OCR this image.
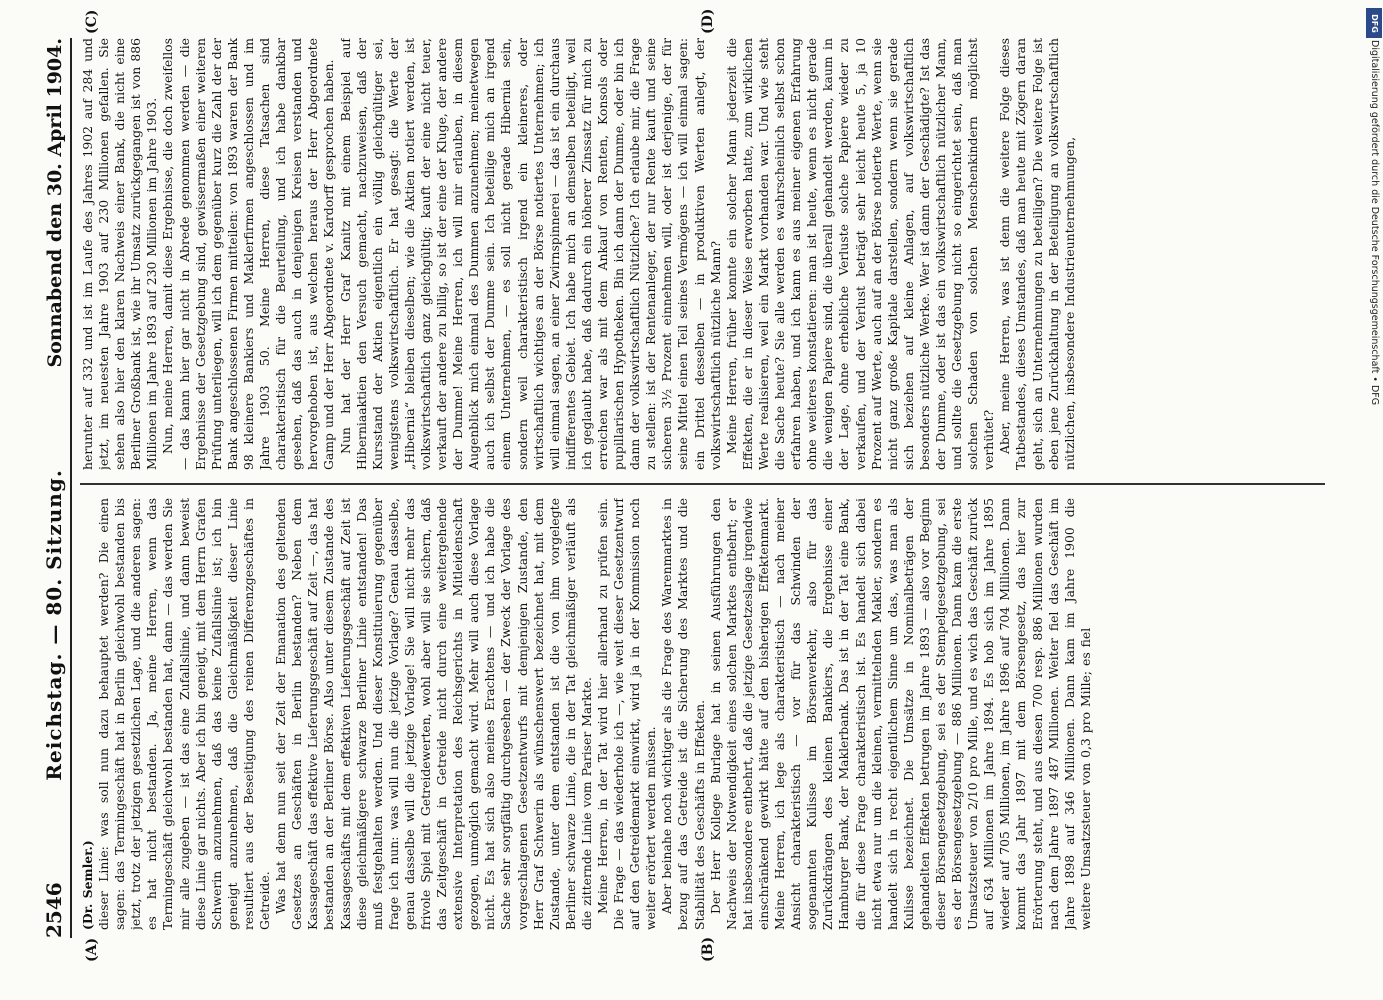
2546
Reichstag. — 80. Sitzung.
Sonnabend den 30. April 1904.
(A)	(B)
(C)	(D)

(Dr. Semler.) dieser Linie: was soll nun dazu behauptet werden? Die einen sagen: das Termingeschäft hat in Berlin gleichwohl bestanden bis jetzt, trotz der jetzigen gesetzlichen Lage, und die anderen sagen: es hat nicht bestanden. Ja, meine Herren, wenn das Termingeschäft gleichwohl bestanden hat, dann — das werden Sie mir alle zugeben — ist das eine Zufallslinie, und dann beweist diese Linie gar nichts. Aber ich bin geneigt, mit dem Herrn Grafen Schwerin anzunehmen, daß das keine Zufallslinie ist; ich bin geneigt anzunehmen, daß die Gleichmäßigkeit dieser Linie resultiert aus der Beseitigung des reinen Differenzgeschäftes in Getreide. Was hat denn nun seit der Zeit der Emanation des geltenden Gesetzes an Geschäften in Berlin bestanden? Neben dem Kassageschäft das effektive Lieferungsgeschäft auf Zeit —, das hat bestanden an der Berliner Börse. Also unter diesem Zustande des Kassageschäfts mit dem effektiven Lieferungsgeschäft auf Zeit ist diese gleichmäßigere schwarze Berliner Linie entstanden! Das muß festgehalten werden. Und dieser Konstituierung gegenüber frage ich nun: was will nun die jetzige Vorlage? Genau dasselbe, genau dasselbe will die jetzige Vorlage! Sie will nicht mehr das frivole Spiel mit Getreidewerten, wohl aber will sie sichern, daß das Zeitgeschäft in Getreide nicht durch eine weitergehende extensive Interpretation des Reichsgerichts in Mitleidenschaft gezogen, unmöglich gemacht wird. Mehr will auch diese Vorlage nicht. Es hat sich also meines Erachtens — und ich habe die Sache sehr sorgfältig durchgesehen — der Zweck der Vorlage des vorgeschlagenen Gesetzentwurfs mit demjenigen Zustande, den Herr Graf Schwerin als wünschenswert bezeichnet hat, mit dem Zustande, unter dem entstanden ist die von ihm vorgelegte Berliner schwarze Linie, die in der Tat gleichmäßiger verläuft als die zitternde Linie vom Pariser Markte. Meine Herren, in der Tat wird hier allerhand zu prüfen sein. Die Frage — das wiederhole ich —, wie weit dieser Gesetzentwurf auf den Getreidemarkt einwirkt, wird ja in der Kommission noch weiter erörtert werden müssen. Aber beinahe noch wichtiger als die Frage des Warenmarktes in bezug auf das Getreide ist die Sicherung des Marktes und die Stabilität des Geschäfts in Effekten. Der Herr Kollege Burlage hat in seinen Ausführungen den Nachweis der Notwendigkeit eines solchen Marktes entbehrt; er hat insbesondere entbehrt, daß die jetzige Gesetzeslage irgendwie einschränkend gewirkt hätte auf den bisherigen Effektenmarkt. Meine Herren, ich lege als charakteristisch — nach meiner Ansicht charakteristisch — vor für das Schwinden der sogenannten Kulisse im Börsenverkehr, also für das Zurückdrängen des kleinen Bankiers, die Ergebnisse einer Hamburger Bank, der Maklerbank. Das ist in der Tat eine Bank, die für diese Frage charakteristisch ist. Es handelt sich dabei nicht etwa nur um die kleinen, vermittelnden Makler, sondern es handelt sich in recht eigentlichem Sinne um das, was man als Kulisse bezeichnet. Die Umsätze in Nominalbeträgen der gehandelten Effekten betrugen im Jahre 1893 — also vor Beginn dieser Börsengesetzgebung, sei es der Stempelgesetzgebung, sei es der Börsengesetzgebung — 886 Millionen. Dann kam die erste Umsatzsteuer von 2/10 pro Mille, und es wich das Geschäft zurück auf 634 Millionen im Jahre 1894. Es hob sich im Jahre 1895 wieder auf 705 Millionen, im Jahre 1896 auf 704 Millionen. Dann kommt das Jahr 1897 mit dem Börsengesetz, das hier zur Erörterung steht, und aus diesen 700 resp. 886 Millionen wurden nach dem Jahre 1897 487 Millionen. Weiter fiel das Geschäft im Jahre 1898 auf 346 Millionen. Dann kam im Jahre 1900 die weitere Umsatzsteuer von 0,3 pro Mille; es fiel

herunter auf 332 und ist im Laufe des Jahres 1902 auf 284 und jetzt, im neuesten Jahre 1903 auf 230 Millionen gefallen. Sie sehen also hier den klaren Nachweis einer Bank, die nicht eine Berliner Großbank ist, wie ihr Umsatz zurückgegangen ist von 886 Millionen im Jahre 1893 auf 230 Millionen im Jahre 1903. Nun, meine Herren, damit diese Ergebnisse, die doch zweifellos — das kann hier gar nicht in Abrede genommen werden — die Ergebnisse der Gesetzgebung sind, gewissermaßen einer weiteren Prüfung unterliegen, will ich dem gegenüber kurz die Zahl der der Bank angeschlossenen Firmen mitteilen: von 1893 waren der Bank 98 kleinere Bankiers und Maklerfirmen angeschlossen und im Jahre 1903 50. Meine Herren, diese Tatsachen sind charakteristisch für die Beurteilung, und ich habe dankbar gesehen, daß das auch in denjenigen Kreisen verstanden und hervorgehoben ist, aus welchen heraus der Herr Abgeordnete Gamp und der Herr Abgeordnete v. Kardorff gesprochen haben. Nun hat der Herr Graf Kanitz mit einem Beispiel auf Hiberniaaktien den Versuch gemacht, nachzuweisen, daß der Kursstand der Aktien eigentlich ein völlig gleichgültiger sei, wenigstens volkswirtschaftlich. Er hat gesagt: die Werte der „Hibernia“ bleiben dieselben; wie die Aktien notiert werden, ist volkswirtschaftlich ganz gleichgültig; kauft der eine nicht teuer, verkauft der andere zu billig, so ist der eine der Kluge, der andere der Dumme! Meine Herren, ich will mir erlauben, in diesem Augenblick mich einmal des Dummen anzunehmen; meinetwegen auch ich selbst der Dumme sein. Ich beteilige mich an irgend einem Unternehmen, — es soll nicht gerade Hibernia sein, sondern weil charakteristisch irgend ein kleineres, oder wirtschaftlich wichtiges an der Börse notiertes Unternehmen; ich will einmal sagen, an einer Zwirnspinnerei — das ist ein durchaus indifferentes Gebiet. Ich habe mich an demselben beteiligt, weil ich geglaubt habe, daß dadurch ein höherer Zinssatz für mich zu erreichen war als mit dem Ankauf von Renten, Konsols oder pupillarischen Hypotheken. Bin ich dann der Dumme, oder bin ich dann der volkswirtschaftlich Nützliche? Ich erlaube mir, die Frage zu stellen: ist der Rentenanleger, der nur Rente kauft und seine sicheren 3½ Prozent einnehmen will, oder ist derjenige, der für seine Mittel einen Teil seines Vermögens — ich will einmal sagen: ein Drittel desselben — in produktiven Werten anlegt, der volkswirtschaftlich nützliche Mann? Meine Herren, früher konnte ein solcher Mann jederzeit die Effekten, die er in dieser Weise erworben hatte, zum wirklichen Werte realisieren, weil ein Markt vorhanden war. Und wie steht die Sache heute? Sie alle werden es wahrscheinlich selbst schon erfahren haben, und ich kann es aus meiner eigenen Erfahrung ohne weiteres konstatieren: man ist heute, wenn es nicht gerade die wenigen Papiere sind, die überall gehandelt werden, kaum in der Lage, ohne erhebliche Verluste solche Papiere wieder zu verkaufen, und der Verlust beträgt sehr leicht heute 5, ja 10 Prozent auf Werte, auch auf an der Börse notierte Werte, wenn sie nicht ganz große Kapitale darstellen, sondern wenn sie gerade sich beziehen auf kleine Anlagen, auf volkswirtschaftlich besonders nützliche Werke. Wer ist dann der Geschädigte? Ist das der Dumme, oder ist das ein volkswirtschaftlich nützlicher Mann, und sollte die Gesetzgebung nicht so eingerichtet sein, daß man solchen Schaden von solchen Menschenkindern möglichst verhütet? Aber, meine Herren, was ist denn die weitere Folge dieses Tatbestandes, dieses Umstandes, daß man heute mit Zögern daran geht, sich an Unternehmungen zu beteiligen? Die weitere Folge ist eben jene Zurückhaltung in der Beteiligung an volkswirtschaftlich nützlichen, insbesondere Industrieunternehmungen,

DFG
Digitalisierung gefördert durch die Deutsche Forschungsgemeinschaft • DFG
